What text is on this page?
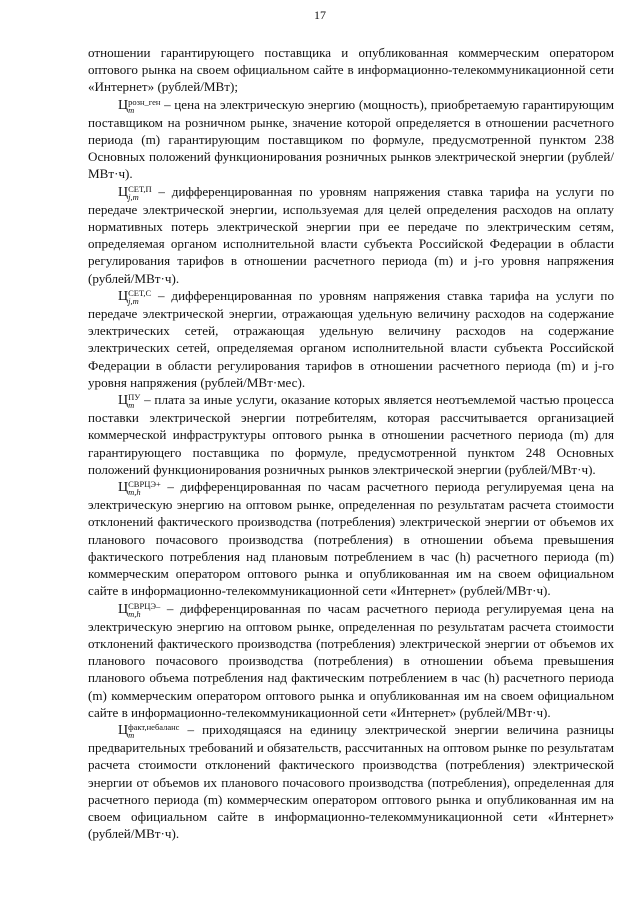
17

отношении гарантирующего поставщика и опубликованная коммерческим оператором оптового рынка на своем официальном сайте в информационно-телекоммуникационной сети «Интернет» (рублей/МВт);

Ц розн_ген
m	– цена на электрическую энергию (мощность), приобретаемую гарантирующим поставщиком на розничном рынке, значение которой определяется в отношении расчетного периода (m) гарантирующим поставщиком по формуле, предусмотренной пунктом 238 Основных положений функционирования розничных рынков электрической энергии (рублей/МВт·ч).

Ц СЕТ,П
j,m – дифференцированная по уровням напряжения ставка тарифа на услуги по передаче электрической энергии, используемая для целей определения расходов на оплату нормативных потерь электрической энергии при ее передаче по электрическим сетям, определяемая органом исполнительной власти субъекта Российской Федерации в области регулирования тарифов в отношении расчетного периода (m) и j-го уровня напряжения (рублей/МВт·ч).

Ц СЕТ,С
j,m – дифференцированная по уровням напряжения ставка тарифа на услуги по передаче электрической энергии, отражающая удельную величину расходов на содержание электрических сетей, отражающая удельную величину расходов на содержание электрических сетей, определяемая органом исполнительной власти субъекта Российской Федерации в области регулирования тарифов в отношении расчетного периода (m) и j-го уровня напряжения (рублей/МВт·мес).

Ц ПУ
m – плата за иные услуги, оказание которых является неотъемлемой частью процесса поставки электрической энергии потребителям, которая рассчитывается организацией коммерческой инфраструктуры оптового рынка в отношении расчетного периода (m) для гарантирующего поставщика по формуле, предусмотренной пунктом 248 Основных положений функционирования розничных рынков электрической энергии (рублей/МВт·ч).

Ц СВРЦЭ+
m,h	– дифференцированная по часам расчетного периода регулируемая цена на электрическую энергию на оптовом рынке, определенная по результатам расчета стоимости отклонений фактического производства (потребления) электрической энергии от объемов их планового почасового производства (потребления) в отношении объема превышения фактического потребления над плановым потреблением в час (h) расчетного периода (m) коммерческим оператором оптового рынка и опубликованная им на своем официальном сайте в информационно-телекоммуникационной сети «Интернет» (рублей/МВт·ч).

Ц СВРЦЭ–
m,h	– дифференцированная по часам расчетного периода регулируемая цена на электрическую энергию на оптовом рынке, определенная по результатам расчета стоимости отклонений фактического производства (потребления) электрической энергии от объемов их планового почасового производства (потребления) в отношении объема превышения планового объема потребления над фактическим потреблением в час (h) расчетного периода (m) коммерческим оператором оптового рынка и опубликованная им на своем официальном сайте в информационно-телекоммуникационной сети «Интернет» (рублей/МВт·ч).

Ц факт,небаланс
m	– приходящаяся на единицу электрической энергии величина разницы предварительных требований и обязательств, рассчитанных на оптовом рынке по результатам расчета стоимости отклонений фактического производства (потребления) электрической энергии от объемов их планового почасового производства (потребления), определенная для расчетного периода (m) коммерческим оператором оптового рынка и опубликованная им на своем официальном сайте в информационно-телекоммуникационной сети «Интернет» (рублей/МВт·ч).
